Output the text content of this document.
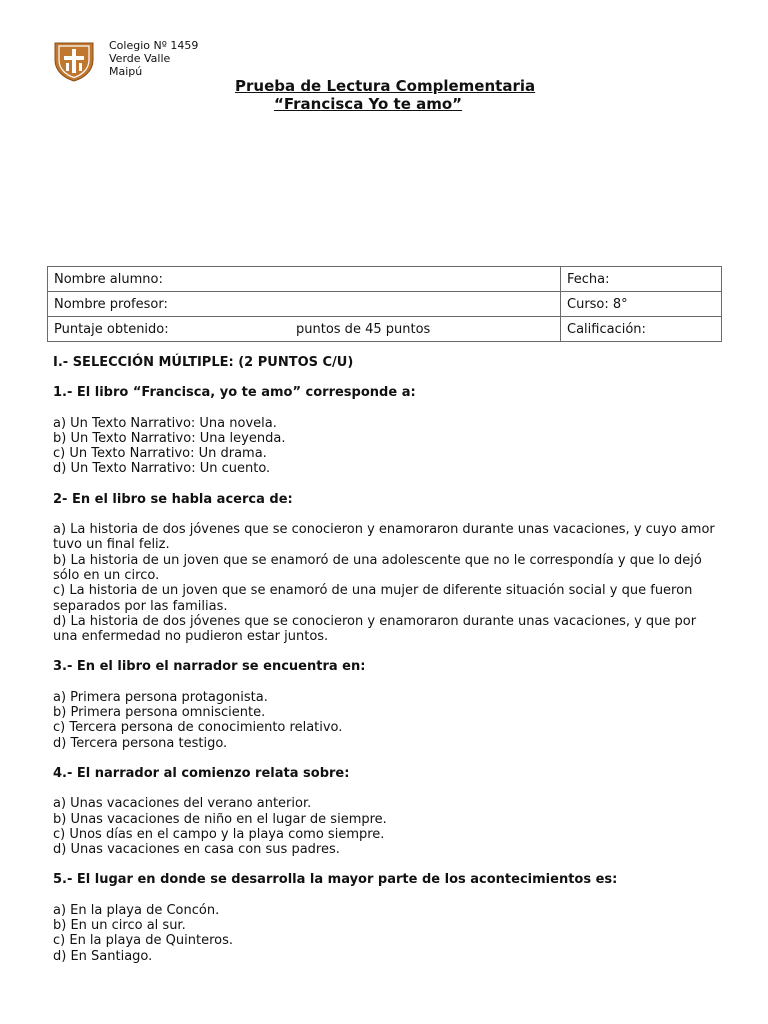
Colegio Nº 1459
Verde Valle
Maipú
Prueba de Lectura Complementaria
“Francisca Yo te amo”
Nombre alumno:	Fecha:
Nombre profesor:	Curso: 8°
Puntaje obtenido: puntos de 45 puntos	Calificación:
I.- SELECCIÓN MÚLTIPLE: (2 PUNTOS C/U)
1.- El libro “Francisca, yo te amo” corresponde a:
a) Un Texto Narrativo: Una novela.
b) Un Texto Narrativo: Una leyenda.
c) Un Texto Narrativo: Un drama.
d) Un Texto Narrativo: Un cuento.
2- En el libro se habla acerca de:
a) La historia de dos jóvenes que se conocieron y enamoraron durante unas vacaciones, y cuyo amor tuvo un final feliz.
b) La historia de un joven que se enamoró de una adolescente que no le correspondía y que lo dejó sólo en un circo.
c) La historia de un joven que se enamoró de una mujer de diferente situación social y que fueron separados por las familias.
d) La historia de dos jóvenes que se conocieron y enamoraron durante unas vacaciones, y que por una enfermedad no pudieron estar juntos.
3.- En el libro el narrador se encuentra en:
a) Primera persona protagonista.
b) Primera persona omnisciente.
c) Tercera persona de conocimiento relativo.
d) Tercera persona testigo.
4.- El narrador al comienzo relata sobre:
a) Unas vacaciones del verano anterior.
b) Unas vacaciones de niño en el lugar de siempre.
c) Unos días en el campo y la playa como siempre.
d) Unas vacaciones en casa con sus padres.
5.- El lugar en donde se desarrolla la mayor parte de los acontecimientos es:
a) En la playa de Concón.
b) En un circo al sur.
c) En la playa de Quinteros.
d) En Santiago.
